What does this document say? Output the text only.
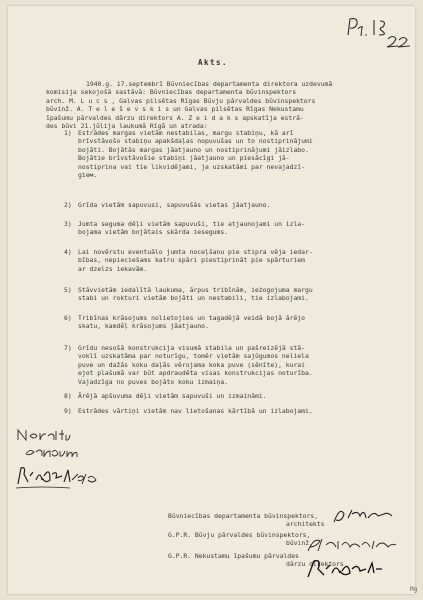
Akts.
1940.g. 17.septembrī Būvniecības departamenta direktora uzdevumā
komisija sekojošā sastāvā: Būvniecības departamenta būvinspektors
arch. M. L u c s , Galvas pilsētas Rīgas Būvju pārvaldes būvinspektors
būvinž. A. T e l e š e v s k i s un Galvas pilsētas Rīgas Nekustamu
īpašumu pārvaldes dārzu direktors A. Z e i d a k s apskatīja estrā-
des būvi 21.jūlija laukumā Rīgā un atrada:
1) Estrādes margas vietām nestabilas, margu stabiņu, kā arī
brīvstāvošo stabiņu apakšdaļas nopuvušas un to nostiprinājumi
bojāti. Bojātās margas jāatjauno un nostiprinājumi jāizlabo.
Bojātie brīvstāvošie stabiņi jāatjauno un piesācīgi jā-
nostiprina vai tie likvidējami, ja uzskatāmi par nevajadzī-
gieм.
2) Grīda vietām sapuvusi, sapuvušās vietas jāatjauno.
3) Jumta seguma dēļi vietām sapuvuši, tie atjaunojami un izla-
bojama vietām bojātais skārda iesegums.
4) Lai novērstu eventuālo jumta noceļšanu pie stipra vēja iedar-
bības, nepieciešams katru spāri piestiprināt pie spārturiem
ar dzelzs iekavām.
5) Stāvvietām iedalītā laukuma, ārpus tribīnām, ieżogojuma margu
stabi un rokturi vietām bojāti un nestabili, tie izlabojami.
6) Tribīnas krāsojums nolietojies un tagadējā veidā bojā ārējo
skatu, kamdēļ krāsojums jāatjauno.
7) Grīdu nesošā konstrukcija visumā stabila un pašreizējā stā-
voklī uzskatāma par noturīgu, tomēr vietām sajūgumos neliela
puve un dažās koku daļās vērojama koka puve (sēnīte), kurai
ejot plašumā var būt apdraudēta visas konstrukcijas noturība.
Vajadzīga no puves bojāto koku izmaiņa.
8) Ārējā apšuvuma dēļi vietām sapuvuši un izmaināmi.
9) Estrādes vārtiņi vietām nav lietošanas kārtībā un izlabojami.
Būvniecības departamenta būvinspektors,
architekts
G.P.R. Būvju pārvaldes būvinspektors,
būvinž.
G.P.R. Nekustamu īpašumu pārvaldes
dārzu direktors
Mg
